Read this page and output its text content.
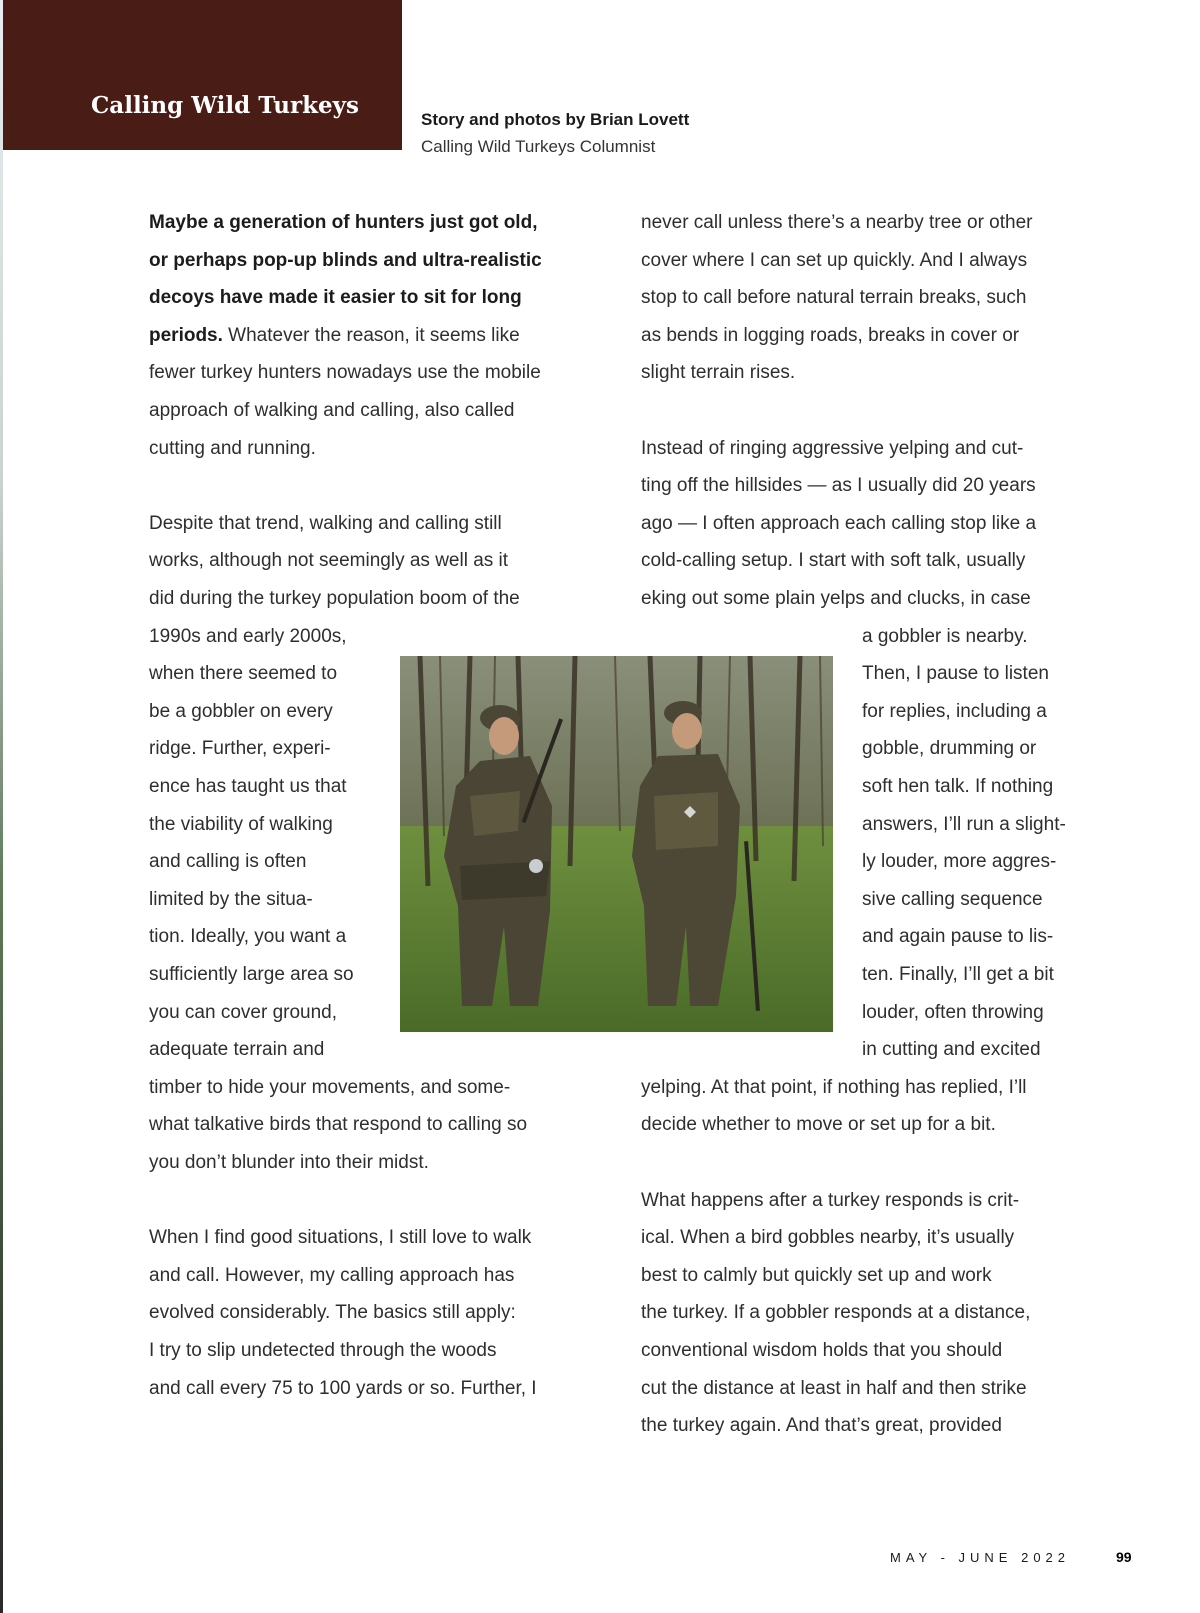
Calling Wild Turkeys
Story and photos by Brian Lovett
Calling Wild Turkeys Columnist
Maybe a generation of hunters just got old,
or perhaps pop-up blinds and ultra-realistic
decoys have made it easier to sit for long
periods. Whatever the reason, it seems like
fewer turkey hunters nowadays use the mobile
approach of walking and calling, also called
cutting and running.
Despite that trend, walking and calling still
works, although not seemingly as well as it
did during the turkey population boom of the
1990s and early 2000s,
when there seemed to
be a gobbler on every
ridge. Further, experi-
ence has taught us that
the viability of walking
and calling is often
limited by the situa-
tion. Ideally, you want a
sufficiently large area so
you can cover ground,
adequate terrain and
timber to hide your movements, and some-
what talkative birds that respond to calling so
you don’t blunder into their midst.
When I find good situations, I still love to walk
and call. However, my calling approach has
evolved considerably. The basics still apply:
I try to slip undetected through the woods
and call every 75 to 100 yards or so. Further, I
never call unless there’s a nearby tree or other
cover where I can set up quickly. And I always
stop to call before natural terrain breaks, such
as bends in logging roads, breaks in cover or
slight terrain rises.
Instead of ringing aggressive yelping and cut-
ting off the hillsides — as I usually did 20 years
ago — I often approach each calling stop like a
cold-calling setup. I start with soft talk, usually
eking out some plain yelps and clucks, in case
a gobbler is nearby.
Then, I pause to listen
for replies, including a
gobble, drumming or
soft hen talk. If nothing
answers, I’ll run a slight-
ly louder, more aggres-
sive calling sequence
and again pause to lis-
ten. Finally, I’ll get a bit
louder, often throwing
in cutting and excited
yelping. At that point, if nothing has replied, I’ll
decide whether to move or set up for a bit.
What happens after a turkey responds is crit-
ical. When a bird gobbles nearby, it’s usually
best to calmly but quickly set up and work
the turkey. If a gobbler responds at a distance,
conventional wisdom holds that you should
cut the distance at least in half and then strike
the turkey again. And that’s great, provided
MAY - JUNE 2022	99
